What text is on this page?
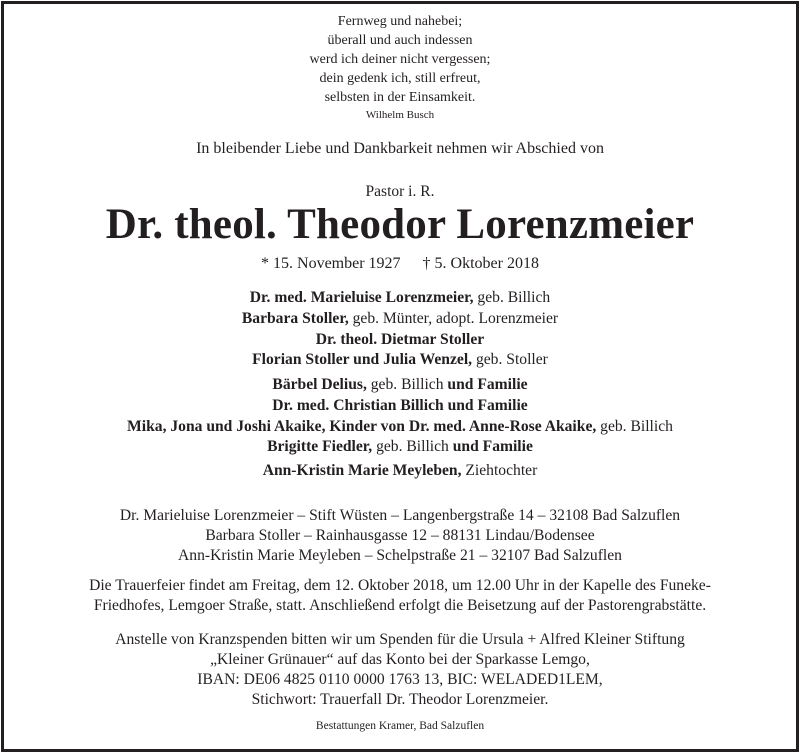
Fernweg und nahebei;
überall und auch indessen
werd ich deiner nicht vergessen;
dein gedenk ich, still erfreut,
selbsten in der Einsamkeit.
Wilhelm Busch
In bleibender Liebe und Dankbarkeit nehmen wir Abschied von
Pastor i. R.
Dr. theol. Theodor Lorenzmeier
* 15. November 1927 † 5. Oktober 2018
Dr. med. Marieluise Lorenzmeier, geb. Billich
Barbara Stoller, geb. Münter, adopt. Lorenzmeier
Dr. theol. Dietmar Stoller
Florian Stoller und Julia Wenzel, geb. Stoller
Bärbel Delius, geb. Billich und Familie
Dr. med. Christian Billich und Familie
Mika, Jona und Joshi Akaike, Kinder von Dr. med. Anne-Rose Akaike, geb. Billich
Brigitte Fiedler, geb. Billich und Familie
Ann-Kristin Marie Meyleben, Ziehtochter
Dr. Marieluise Lorenzmeier – Stift Wüsten – Langenbergstraße 14 – 32108 Bad Salzuflen
Barbara Stoller – Rainhausgasse 12 – 88131 Lindau/Bodensee
Ann-Kristin Marie Meyleben – Schelpstraße 21 – 32107 Bad Salzuflen
Die Trauerfeier findet am Freitag, dem 12. Oktober 2018, um 12.00 Uhr in der Kapelle des Funeke-
Friedhofes, Lemgoer Straße, statt. Anschließend erfolgt die Beisetzung auf der Pastorengrabstätte.
Anstelle von Kranzspenden bitten wir um Spenden für die Ursula + Alfred Kleiner Stiftung
„Kleiner Grünauer“ auf das Konto bei der Sparkasse Lemgo,
IBAN: DE06 4825 0110 0000 1763 13, BIC: WELADED1LEM,
Stichwort: Trauerfall Dr. Theodor Lorenzmeier.
Bestattungen Kramer, Bad Salzuflen
